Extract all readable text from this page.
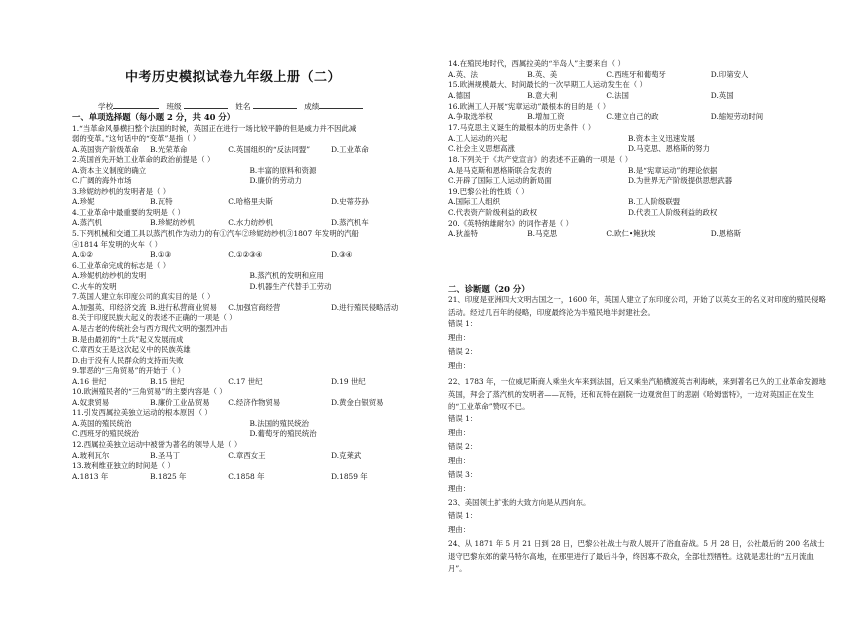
中考历史模拟试卷九年级上册（二）
学校	班级	姓名	成绩
一、单项选择题（每小题 2 分，共 40 分）
1.“当革命风暴横扫整个法国的时候，英国正在进行一场比较平静的但是威力并不因此减
弱的变革。”这句话中的“变革”是指（ ）
A.英国资产阶级革命 B.光荣革命	C.英国组织的“反法同盟”	D.工业革命
2.英国首先开始工业革命的政治前提是（ ）
A.资本主义制度的确立	B.丰富的原料和资源
C.广阔的海外市场	D.廉价的劳动力
3.珍妮纺纱机的发明者是（ ）
A.珍妮	B.瓦特	C.哈格里夫斯	D.史蒂芬孙
4.工业革命中最重要的发明是（ ）
A.蒸汽机	B.珍妮纺纱机	C.水力纺纱机	D.蒸汽机车
5.下列机械和交通工具以蒸汽机作为动力的有①汽车②珍妮纺纱机③1807 年发明的汽船
④1814 年发明的火车（ ）
A.①②	B.①③	C.①②③④	D.③④
6.工业革命完成的标志是（ ）
A.珍妮机纺纱机的发明	B.蒸汽机的发明和应用
C.火车的发明	D.机器生产代替手工劳动
7.英国人建立东印度公司的真实目的是（ ）
A.加强英、印经济交流 B.进行私营商业贸易 C.加强官商经营	D.进行殖民侵略活动
8.关于印度民族大起义的表述不正确的一项是（ ）
A.是古老的传统社会与西方现代文明的强烈冲击
B.是由最初的“土兵”起义发展而成
C.章西女王是这次起义中的民族英雄
D.由于没有人民群众的支持而失败
9.罪恶的“三角贸易”的开始于（ ）
A.16 世纪	B.15 世纪	C.17 世纪	D.19 世纪
10.欧洲殖民者的“三角贸易”的主要内容是（ ）
A.奴隶贸易	B.廉价工业品贸易	C.经济作物贸易	D.黄金白银贸易
11.引发西属拉美独立运动的根本原因（ ）
A.英国的殖民统治	B.法国的殖民统治
C.西班牙的殖民统治	D.葡萄牙的殖民统治
12.西属拉美独立运动中被誉为著名的领导人是（ ）
A.玻利瓦尔	B.圣马丁	C.章西女王	D.克莱武
13.玻利维亚独立的时间是（ ）
A.1813 年	B.1825 年	C.1858 年	D.1859 年
14.在殖民地时代，西属拉美的“半岛人”主要来自（ ）
A.英、法	B.英、美	C.西班牙和葡萄牙	D.印第安人
15.欧洲规模最大、时间最长的一次早期工人运动发生在（ ）
A.德国	B.意大利	C.法国	D.英国
16.欧洲工人开展“宪章运动”最根本的目的是（ ）
A.争取选举权	B.增加工资	C.建立自己的政	D.缩短劳动时间
17.马克思主义诞生的最根本的历史条件（ ）
A.工人运动的兴起	B.资本主义迅速发展
C.社会主义思想高涨	D.马克思、恩格斯的努力
18.下列关于《共产党宣言》的表述不正确的一项是（ ）
A.是马克斯和恩格斯联合发表的	B.是“宪章运动”的理论依据
C.开辟了国际工人运动的新局面	D.为世界无产阶级提供思想武器
19.巴黎公社的性质（ ）
A.国际工人组织	B.工人阶级联盟
C.代表资产阶级利益的政权	D.代表工人阶级利益的政权
20.《英特纳雄耐尔》的词作者是（ ）
A.狄盖特	B.马克思	C.欧仁•鲍狄埃	D.恩格斯
二、诊断题（20 分）
21、印度是亚洲四大文明古国之一，1600 年，英国人建立了东印度公司，开始了以英女王的名义对印度的殖民侵略活动。经过几百年的侵略，印度最终沦为半殖民地半封建社会。
错误 1：
理由：
错误 2：
理由：
22、1783 年，一位威尼斯商人乘坐火车来到法国，后又乘坐汽船横渡英吉利海峡，来到著名已久的工业革命发源地英国，拜会了蒸汽机的发明者——瓦特，还和瓦特在剧院一边观赏但丁的悲剧《哈姆雷特》，一边对英国正在发生的“工业革命”赞叹不已。
错误 1：
理由：
错误 2：
理由：
错误 3：
理由：
23、美国领土扩张的大致方向是从西向东。
错误 1：
理由：
24、从 1871 年 5 月 21 日到 28 日，巴黎公社战士与敌人展开了浴血奋战。5 月 28 日，公社最后的 200 名战士退守巴黎东郊的蒙马特尔高地，在那里进行了最后斗争，终因寡不敌众，全部壮烈牺牲。这就是悲壮的“五月流血月”。
